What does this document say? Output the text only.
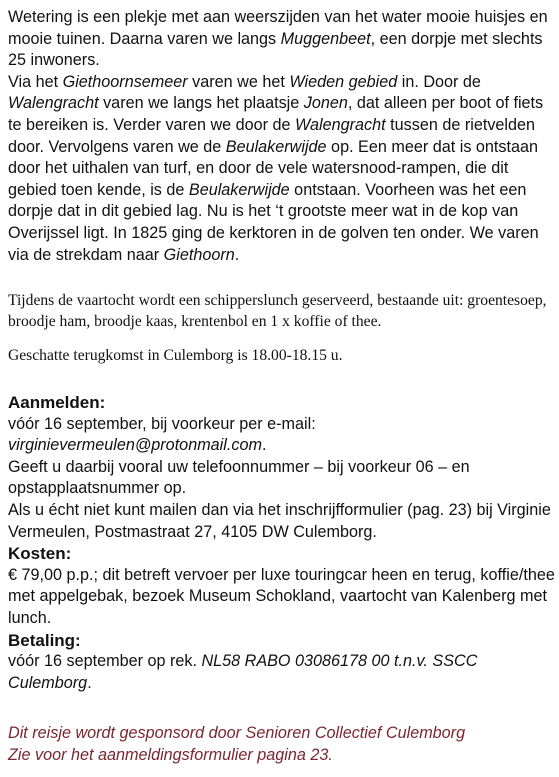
Wetering is een plekje met aan weerszijden van het water mooie huisjes en mooie tuinen. Daarna varen we langs Muggenbeet, een dorpje met slechts 25 inwoners.

Via het Giethoornsemeer varen we het Wieden gebied in. Door de Walengracht varen we langs het plaatsje Jonen, dat alleen per boot of fiets te bereiken is. Verder varen we door de Walengracht tussen de rietvelden door. Vervolgens varen we de Beulakerwijde op. Een meer dat is ontstaan door het uithalen van turf, en door de vele watersnood-rampen, die dit gebied toen kende, is de Beulakerwijde ontstaan. Voorheen was het een dorpje dat in dit gebied lag. Nu is het ‘t grootste meer wat in de kop van Overijssel ligt. In 1825 ging de kerktoren in de golven ten onder. We varen via de strekdam naar Giethoorn.

Tijdens de vaartocht wordt een schipperslunch geserveerd, bestaande uit: groentesoep, broodje ham, broodje kaas, krentenbol en 1 x koffie of thee.

Geschatte terugkomst in Culemborg is 18.00-18.15 u.

Aanmelden:

vóór 16 september, bij voorkeur per e-mail:

virginievermeulen@protonmail.com.

Geeft u daarbij vooral uw telefoonnummer – bij voorkeur 06 – en opstapplaatsnummer op.

Als u écht niet kunt mailen dan via het inschrijfformulier (pag. 23) bij Virginie Vermeulen, Postmastraat 27, 4105 DW Culemborg.

Kosten:

€ 79,00 p.p.; dit betreft vervoer per luxe touringcar heen en terug, koffie/thee met appelgebak, bezoek Museum Schokland, vaartocht van Kalenberg met lunch.

Betaling:

vóór 16 september op rek. NL58 RABO 03086178 00 t.n.v. SSCC Culemborg.

Dit reisje wordt gesponsord door Senioren Collectief Culemborg

Zie voor het aanmeldingsformulier pagina 23.
